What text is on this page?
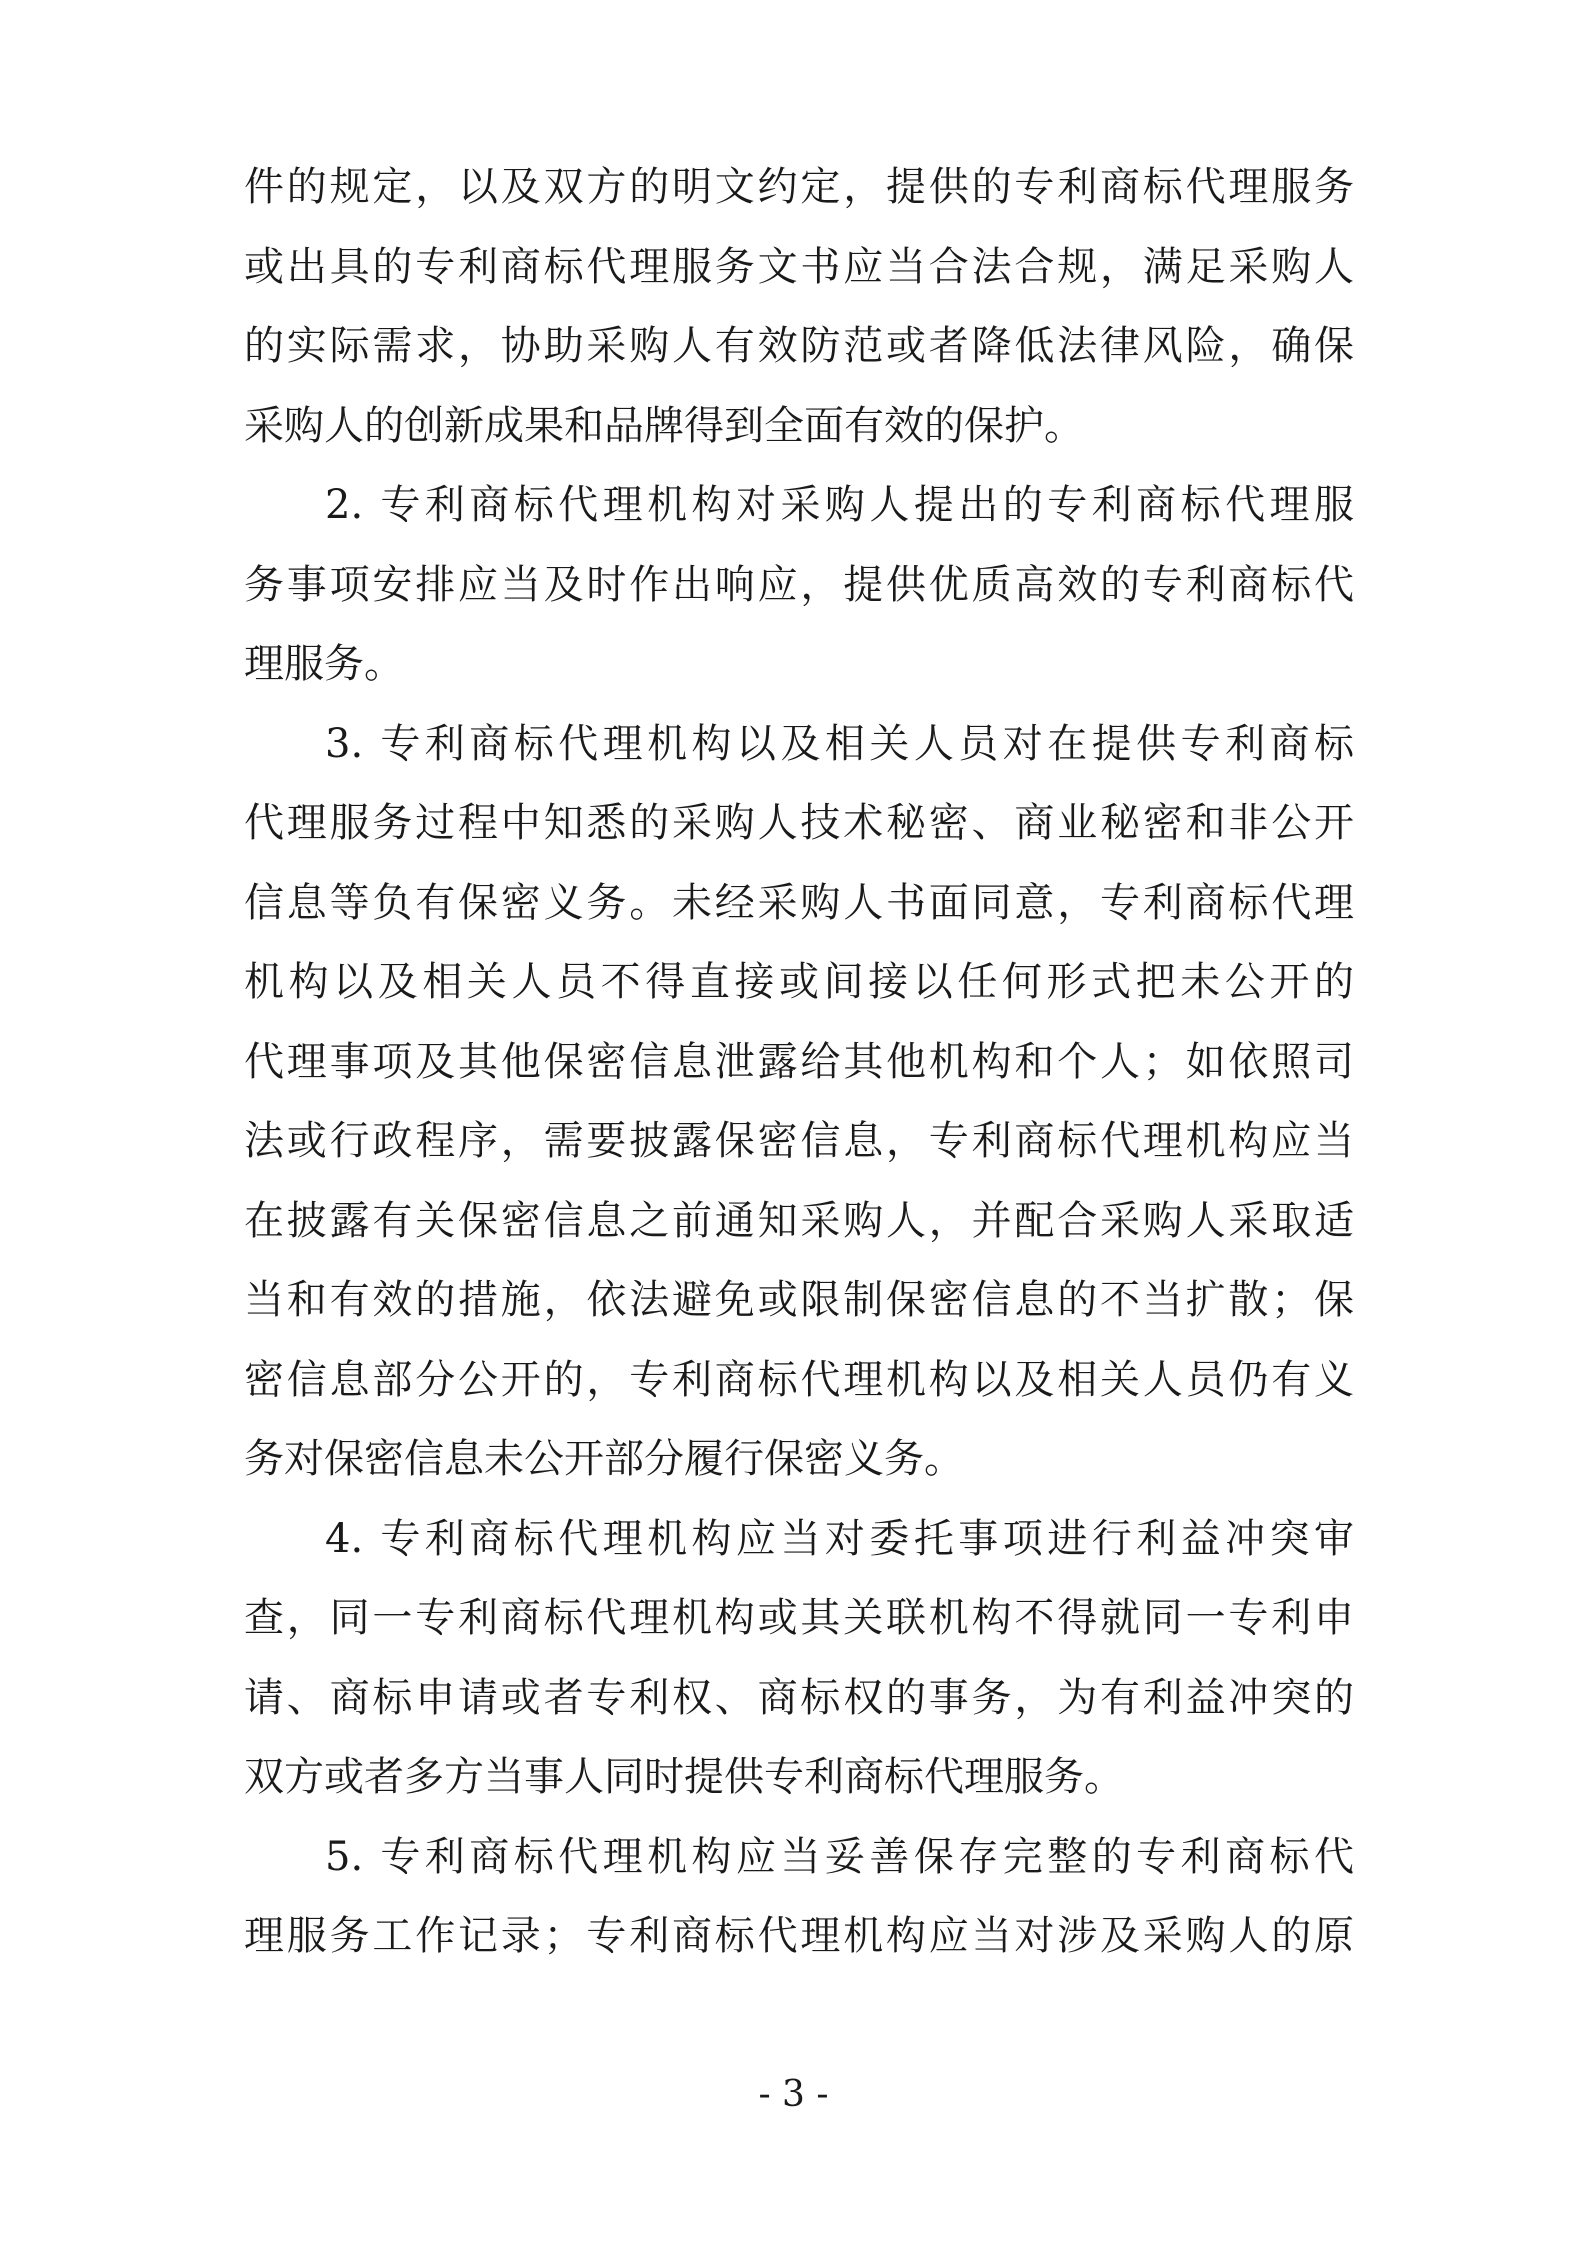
件的规定，以及双方的明文约定，提供的专利商标代理服务
或出具的专利商标代理服务文书应当合法合规，满足采购人
的实际需求，协助采购人有效防范或者降低法律风险，确保
采购人的创新成果和品牌得到全面有效的保护。
2. 专利商标代理机构对采购人提出的专利商标代理服
务事项安排应当及时作出响应，提供优质高效的专利商标代
理服务。
3. 专利商标代理机构以及相关人员对在提供专利商标
代理服务过程中知悉的采购人技术秘密、商业秘密和非公开
信息等负有保密义务。未经采购人书面同意，专利商标代理
机构以及相关人员不得直接或间接以任何形式把未公开的
代理事项及其他保密信息泄露给其他机构和个人；如依照司
法或行政程序，需要披露保密信息，专利商标代理机构应当
在披露有关保密信息之前通知采购人，并配合采购人采取适
当和有效的措施，依法避免或限制保密信息的不当扩散；保
密信息部分公开的，专利商标代理机构以及相关人员仍有义
务对保密信息未公开部分履行保密义务。
4. 专利商标代理机构应当对委托事项进行利益冲突审
查，同一专利商标代理机构或其关联机构不得就同一专利申
请、商标申请或者专利权、商标权的事务，为有利益冲突的
双方或者多方当事人同时提供专利商标代理服务。
5. 专利商标代理机构应当妥善保存完整的专利商标代
理服务工作记录；专利商标代理机构应当对涉及采购人的原
- 3 -
